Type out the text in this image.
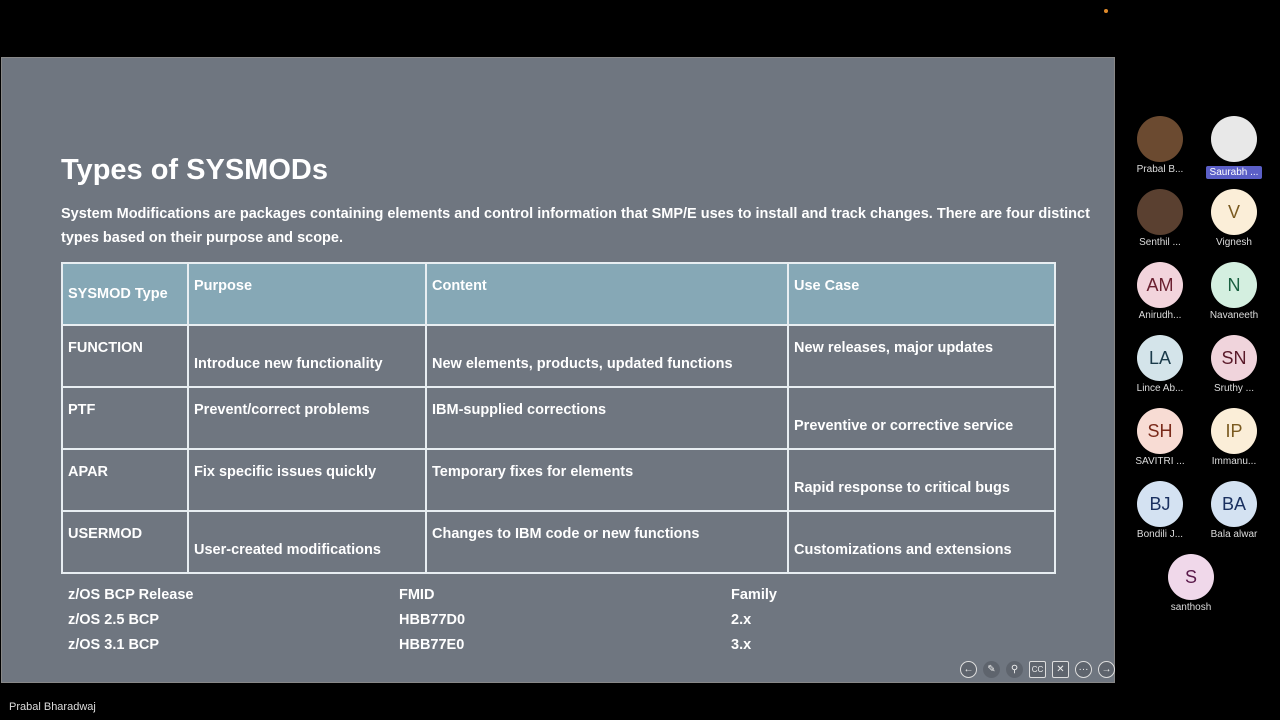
Types of SYSMODs
System Modifications are packages containing elements and control information that SMP/E uses to install and track changes. There are four distinct types based on their purpose and scope.
SYSMOD Type	Purpose	Content	Use Case
FUNCTION	Introduce new functionality	New elements, products, updated functions	New releases, major updates
PTF	Prevent/correct problems	IBM-supplied corrections	Preventive or corrective service
APAR	Fix specific issues quickly	Temporary fixes for elements	Rapid response to critical bugs
USERMOD	User-created modifications	Changes to IBM code or new functions	Customizations and extensions
z/OS BCP Release	FMID	Family
z/OS 2.5 BCP	HBB77D0	2.x
z/OS 3.1 BCP	HBB77E0	3.x
←	✎	⚲	CC	✕	···	→
Prabal Bharadwaj
Prabal B...	Saurabh ...
Senthil ...
V
Vignesh
AM
Anirudh...
N
Navaneeth
LA
Lince Ab...
SN
Sruthy ...
SH
SAVITRI ...
IP
Immanu...
BJ
Bondili J...
BA
Bala alwar
S
santhosh
